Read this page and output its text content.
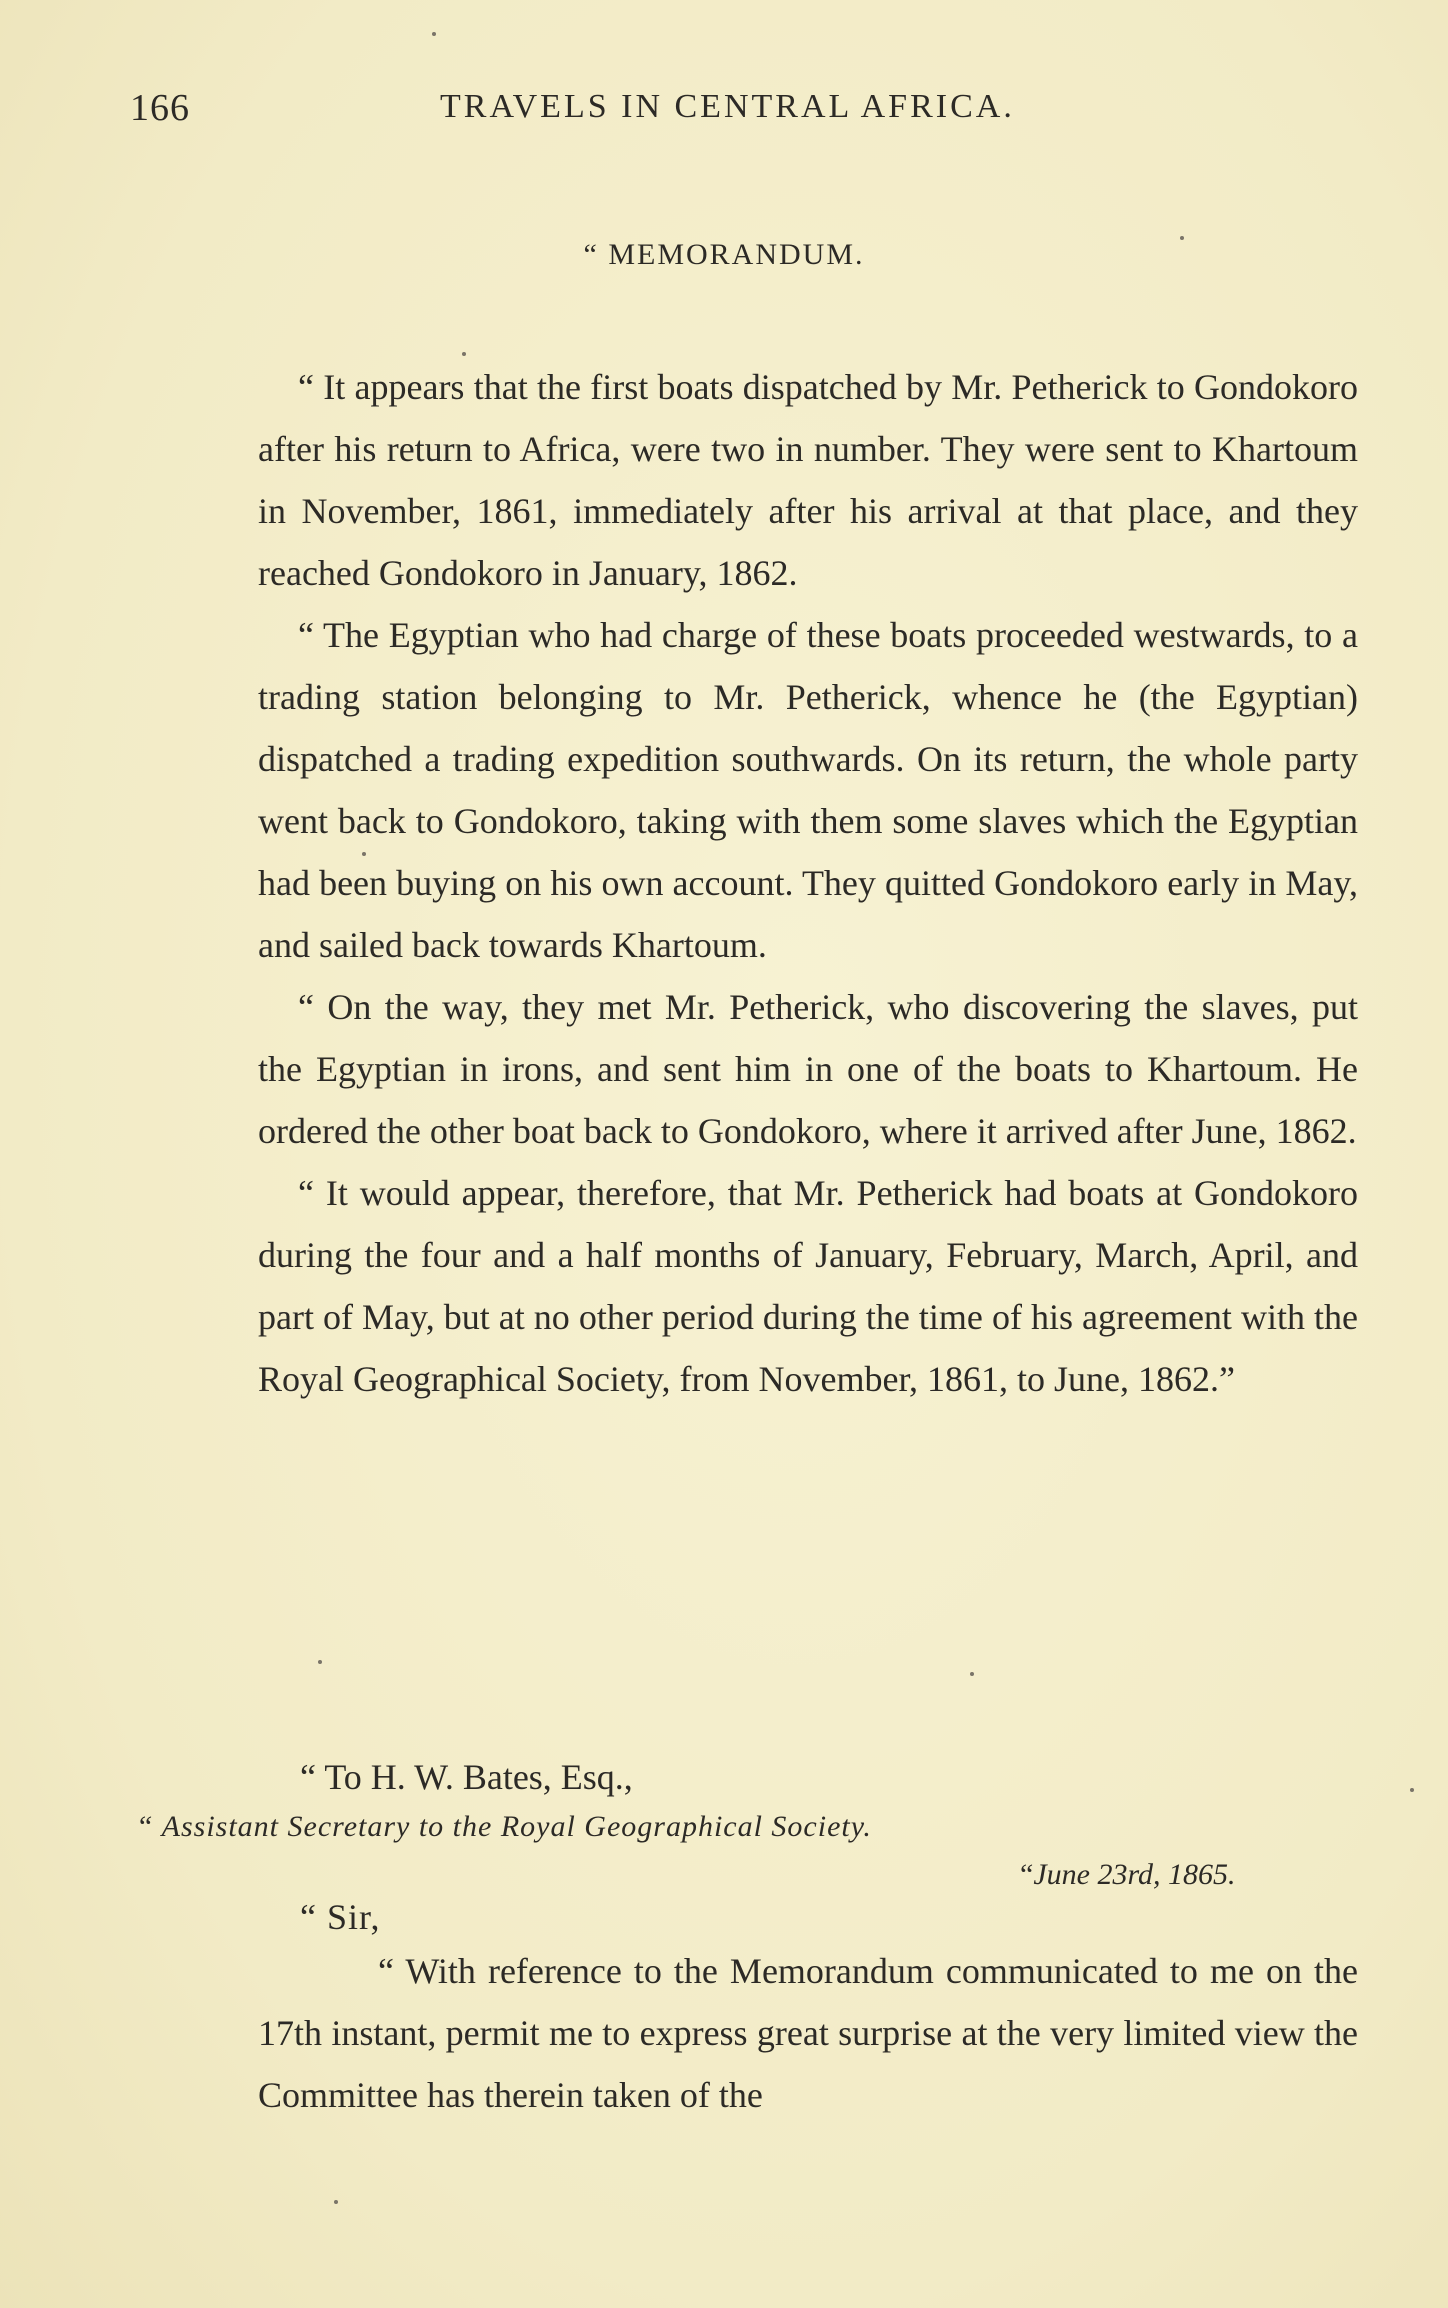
166	TRAVELS IN CENTRAL AFRICA.
“ MEMORANDUM.

“ It appears that the first boats dispatched by Mr. Petherick to Gondokoro after his return to Africa, were two in number. They were sent to Khartoum in November, 1861, immediately after his arrival at that place, and they reached Gondokoro in January, 1862.

“ The Egyptian who had charge of these boats proceeded westwards, to a trading station belonging to Mr. Petherick, whence he (the Egyptian) dispatched a trading expedition southwards. On its return, the whole party went back to Gondokoro, taking with them some slaves which the Egyptian had been buying on his own account. They quitted Gondokoro early in May, and sailed back towards Khartoum.

“ On the way, they met Mr. Petherick, who discovering the slaves, put the Egyptian in irons, and sent him in one of the boats to Khartoum. He ordered the other boat back to Gondokoro, where it arrived after June, 1862.

“ It would appear, therefore, that Mr. Petherick had boats at Gondokoro during the four and a half months of January, February, March, April, and part of May, but at no other period during the time of his agreement with the Royal Geographical Society, from November, 1861, to June, 1862.”

“ To H. W. Bates, Esq.,
“ Assistant Secretary to the Royal Geographical Society.
“June 23rd, 1865.
“ Sir,

“ With reference to the Memorandum communicated to me on the 17th instant, permit me to express great surprise at the very limited view the Committee has therein taken of the
